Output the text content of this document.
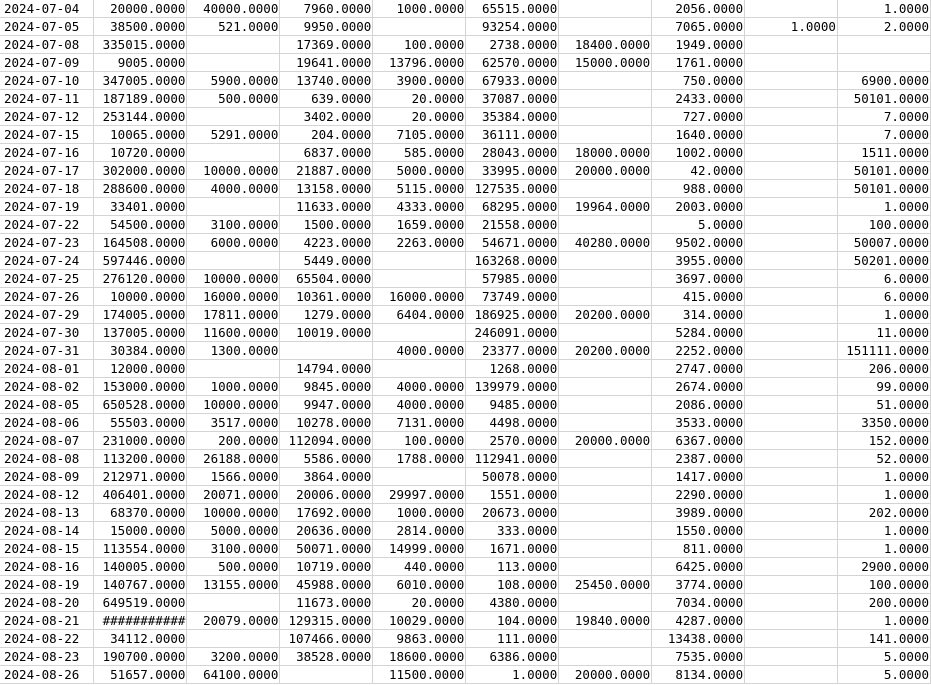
2024-07-04	20000.0000	40000.0000	7960.0000	1000.0000	65515.0000		2056.0000		1.0000
2024-07-05	38500.0000	521.0000	9950.0000		93254.0000		7065.0000	1.0000	2.0000
2024-07-08	335015.0000		17369.0000	100.0000	2738.0000	18400.0000	1949.0000		
2024-07-09	9005.0000		19641.0000	13796.0000	62570.0000	15000.0000	1761.0000		
2024-07-10	347005.0000	5900.0000	13740.0000	3900.0000	67933.0000		750.0000		6900.0000
2024-07-11	187189.0000	500.0000	639.0000	20.0000	37087.0000		2433.0000		50101.0000
2024-07-12	253144.0000		3402.0000	20.0000	35384.0000		727.0000		7.0000
2024-07-15	10065.0000	5291.0000	204.0000	7105.0000	36111.0000		1640.0000		7.0000
2024-07-16	10720.0000		6837.0000	585.0000	28043.0000	18000.0000	1002.0000		1511.0000
2024-07-17	302000.0000	10000.0000	21887.0000	5000.0000	33995.0000	20000.0000	42.0000		50101.0000
2024-07-18	288600.0000	4000.0000	13158.0000	5115.0000	127535.0000		988.0000		50101.0000
2024-07-19	33401.0000		11633.0000	4333.0000	68295.0000	19964.0000	2003.0000		1.0000
2024-07-22	54500.0000	3100.0000	1500.0000	1659.0000	21558.0000		5.0000		100.0000
2024-07-23	164508.0000	6000.0000	4223.0000	2263.0000	54671.0000	40280.0000	9502.0000		50007.0000
2024-07-24	597446.0000		5449.0000		163268.0000		3955.0000		50201.0000
2024-07-25	276120.0000	10000.0000	65504.0000		57985.0000		3697.0000		6.0000
2024-07-26	10000.0000	16000.0000	10361.0000	16000.0000	73749.0000		415.0000		6.0000
2024-07-29	174005.0000	17811.0000	1279.0000	6404.0000	186925.0000	20200.0000	314.0000		1.0000
2024-07-30	137005.0000	11600.0000	10019.0000		246091.0000		5284.0000		11.0000
2024-07-31	30384.0000	1300.0000		4000.0000	23377.0000	20200.0000	2252.0000		151111.0000
2024-08-01	12000.0000		14794.0000		1268.0000		2747.0000		206.0000
2024-08-02	153000.0000	1000.0000	9845.0000	4000.0000	139979.0000		2674.0000		99.0000
2024-08-05	650528.0000	10000.0000	9947.0000	4000.0000	9485.0000		2086.0000		51.0000
2024-08-06	55503.0000	3517.0000	10278.0000	7131.0000	4498.0000		3533.0000		3350.0000
2024-08-07	231000.0000	200.0000	112094.0000	100.0000	2570.0000	20000.0000	6367.0000		152.0000
2024-08-08	113200.0000	26188.0000	5586.0000	1788.0000	112941.0000		2387.0000		52.0000
2024-08-09	212971.0000	1566.0000	3864.0000		50078.0000		1417.0000		1.0000
2024-08-12	406401.0000	20071.0000	20006.0000	29997.0000	1551.0000		2290.0000		1.0000
2024-08-13	68370.0000	10000.0000	17692.0000	1000.0000	20673.0000		3989.0000		202.0000
2024-08-14	15000.0000	5000.0000	20636.0000	2814.0000	333.0000		1550.0000		1.0000
2024-08-15	113554.0000	3100.0000	50071.0000	14999.0000	1671.0000		811.0000		1.0000
2024-08-16	140005.0000	500.0000	10719.0000	440.0000	113.0000		6425.0000		2900.0000
2024-08-19	140767.0000	13155.0000	45988.0000	6010.0000	108.0000	25450.0000	3774.0000		100.0000
2024-08-20	649519.0000		11673.0000	20.0000	4380.0000		7034.0000		200.0000
2024-08-21	###########	20079.0000	129315.0000	10029.0000	104.0000	19840.0000	4287.0000		1.0000
2024-08-22	34112.0000		107466.0000	9863.0000	111.0000		13438.0000		141.0000
2024-08-23	190700.0000	3200.0000	38528.0000	18600.0000	6386.0000		7535.0000		5.0000
2024-08-26	51657.0000	64100.0000		11500.0000	1.0000	20000.0000	8134.0000		5.0000
